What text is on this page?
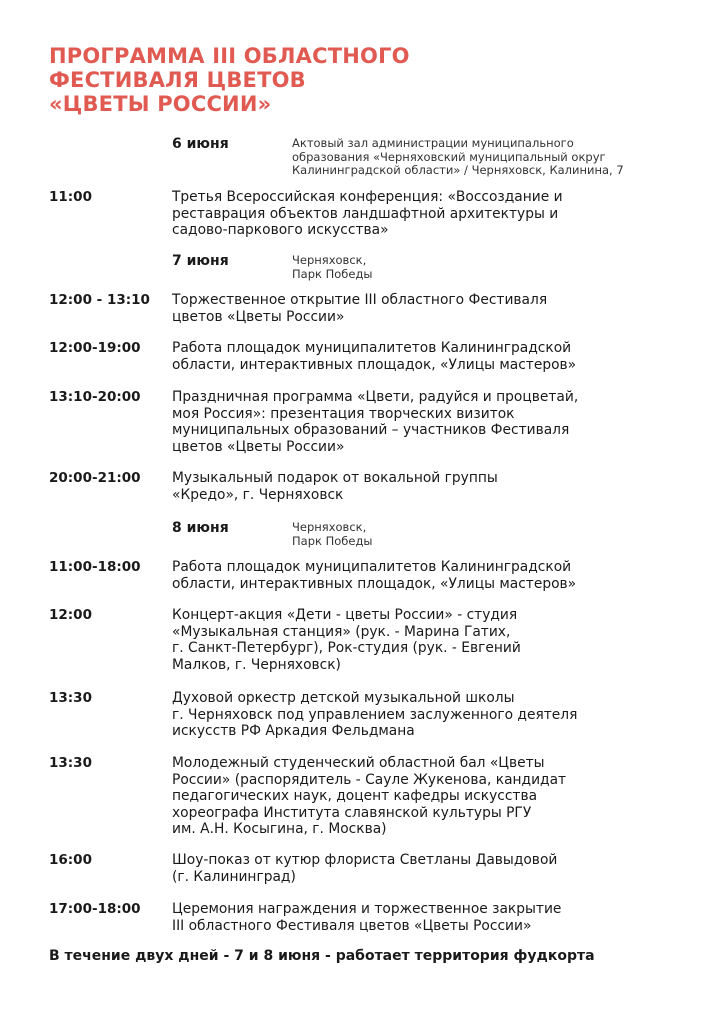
ПРОГРАММА III ОБЛАСТНОГО
ФЕСТИВАЛЯ ЦВЕТОВ
«ЦВЕТЫ РОССИИ»
6 июня	Актовый зал администрации муниципального
образования «Черняховский муниципальный округ
Калининградской области» / Черняховск, Калинина, 7
11:00	Третья Всероссийская конференция: «Воссоздание и
реставрация объектов ландшафтной архитектуры и
садово-паркового искусства»
7 июня	Черняховск,
Парк Победы
12:00 - 13:10 Торжественное открытие III областного Фестиваля
цветов «Цветы России»
12:00-19:00 Работа площадок муниципалитетов Калининградской
области, интерактивных площадок, «Улицы мастеров»
13:10-20:00 Праздничная программа «Цвети, радуйся и процветай,
моя Россия»: презентация творческих визиток
муниципальных образований – участников Фестиваля
цветов «Цветы России»
20:00-21:00 Музыкальный подарок от вокальной группы
«Кредо», г. Черняховск
8 июня	Черняховск,
Парк Победы
11:00-18:00 Работа площадок муниципалитетов Калининградской
области, интерактивных площадок, «Улицы мастеров»
12:00	Концерт-акция «Дети - цветы России» - студия
«Музыкальная станция» (рук. - Марина Гатих,
г. Санкт-Петербург), Рок-студия (рук. - Евгений
Малков, г. Черняховск)
13:30	Духовой оркестр детской музыкальной школы
г. Черняховск под управлением заслуженного деятеля
искусств РФ Аркадия Фельдмана
13:30	Молодежный студенческий областной бал «Цветы
России» (распорядитель - Сауле Жукенова, кандидат
педагогических наук, доцент кафедры искусства
хореографа Института славянской культуры РГУ
им. А.Н. Косыгина, г. Москва)
16:00	Шоу-показ от кутюр флориста Светланы Давыдовой
(г. Калининград)
17:00-18:00 Церемония награждения и торжественное закрытие
III областного Фестиваля цветов «Цветы России»
В течение двух дней - 7 и 8 июня - работает территория фудкорта
